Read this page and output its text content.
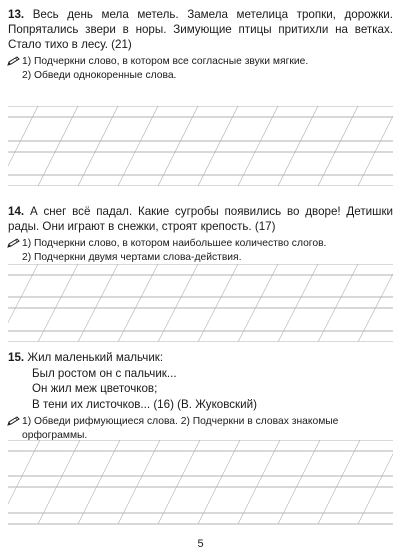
13. Весь день мела метель. Замела метелица тропки, дорожки. Попрятались звери в норы. Зимующие птицы притихли на ветках. Стало тихо в лесу. (21)

1) Подчеркни слово, в котором все согласные звуки мягкие.
2) Обведи однокоренные слова.

14. А снег всё падал. Какие сугробы появились во дворе! Детишки рады. Они играют в снежки, строят крепость. (17)

1) Подчеркни слово, в котором наибольшее количество слогов.
2) Подчеркни двумя чертами слова-действия.
15. Жил маленький мальчик:
Был ростом он с пальчик...
Он жил меж цветочков;
В тени их листочков... (16) (В. Жуковский)
1) Обведи рифмующиеся слова. 2) Подчеркни в словах знакомые орфограммы.
5
